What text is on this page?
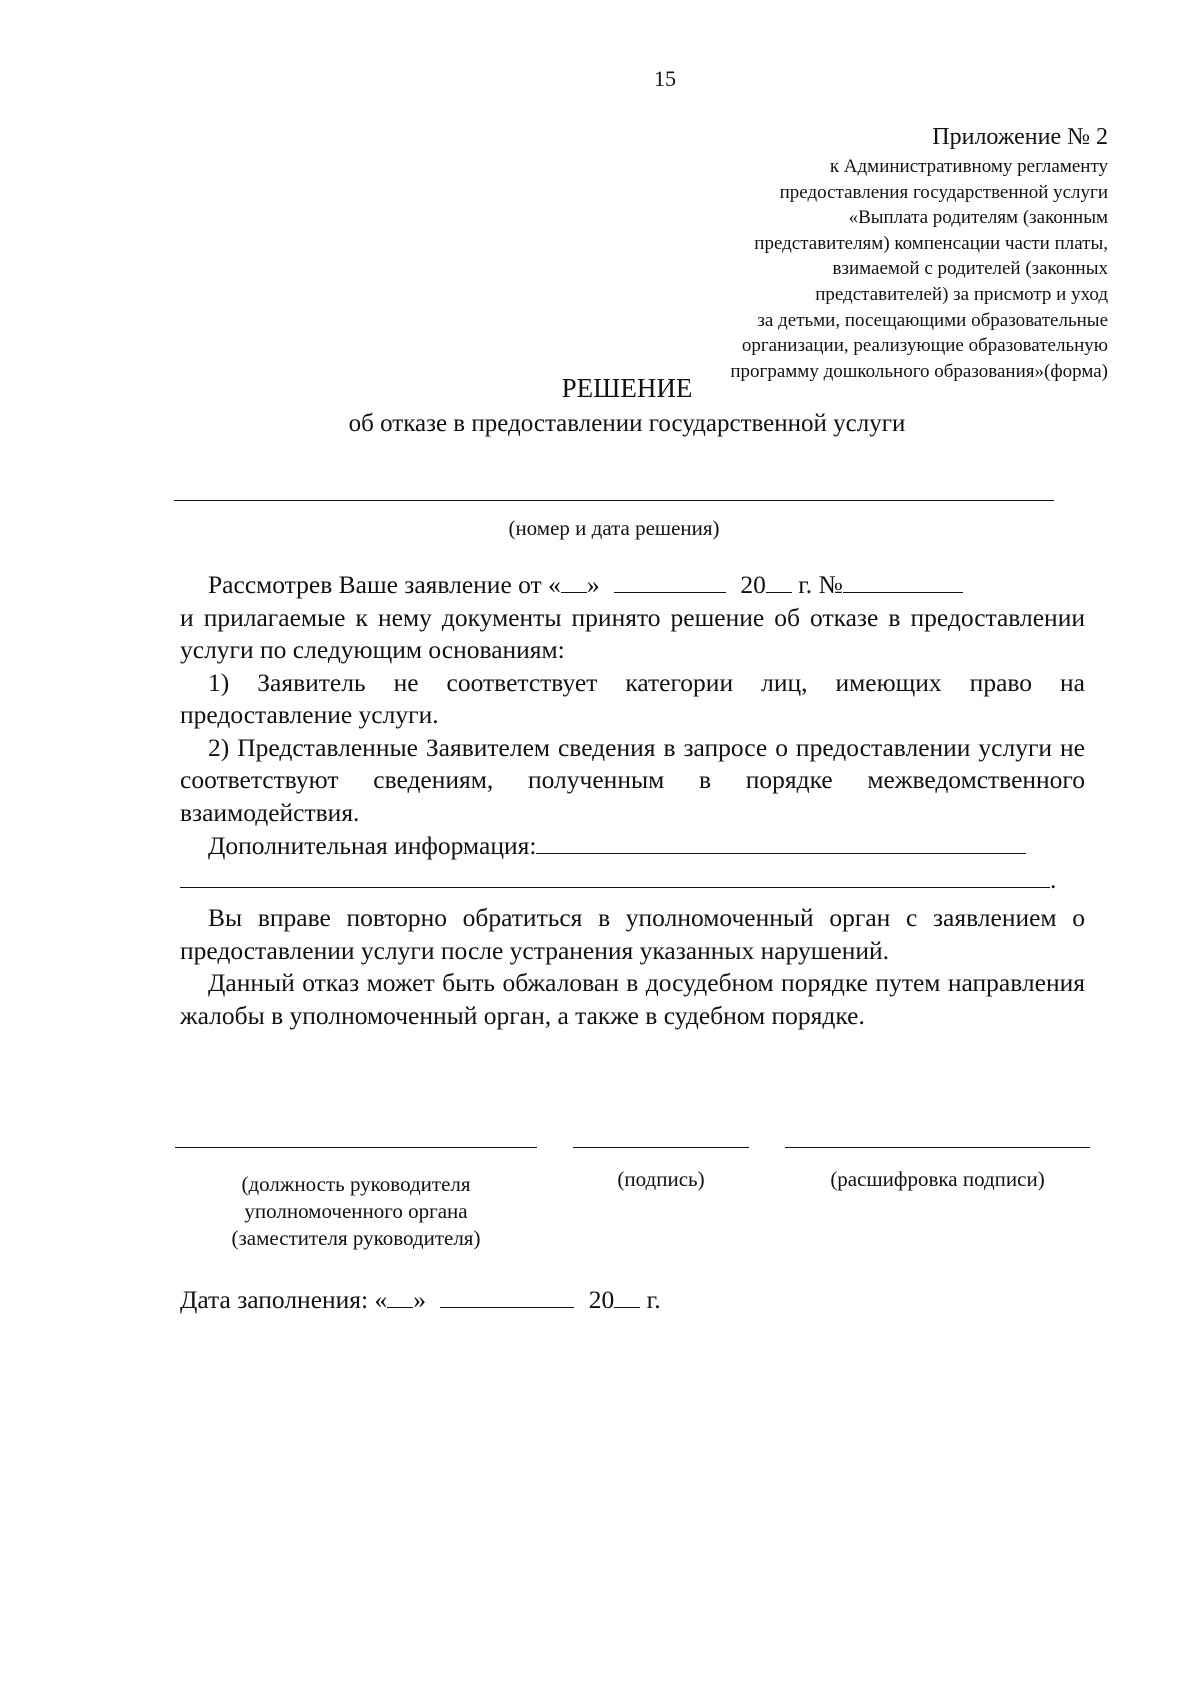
15
Приложение № 2
к Административному регламенту
предоставления государственной услуги
«Выплата родителям (законным
представителям) компенсации части платы,
взимаемой с родителей (законных
представителей) за присмотр и уход
за детьми, посещающими образовательные
организации, реализующие образовательную
программу дошкольного образования»(форма)
РЕШЕНИЕ
об отказе в предоставлении государственной услуги
(номер и дата решения)
Рассмотрев Ваше заявление от « »	20 г. №

и прилагаемые к нему документы принято решение об отказе в предоставлении услуги по следующим основаниям:

1) Заявитель не соответствует категории лиц, имеющих право на предоставление услуги.

2) Представленные Заявителем сведения в запросе о предоставлении услуги не соответствуют сведениям, полученным в порядке межведомственного взаимодействия.

Дополнительная информация:
.

Вы вправе повторно обратиться в уполномоченный орган с заявлением о предоставлении услуги после устранения указанных нарушений.

Данный отказ может быть обжалован в досудебном порядке путем направления жалобы в уполномоченный орган, а также в судебном порядке.

(должность руководителя
уполномоченного органа
(заместителя руководителя)
(подпись)	(расшифровка подписи)
Дата заполнения: « »	20 г.
